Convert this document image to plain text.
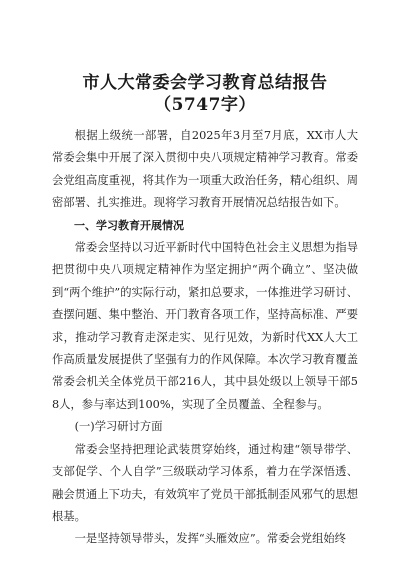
市人大常委会学习教育总结报告（5747字）

根据上级统一部署，自2025年3月至7月底，XX市人大常委会集中开展了深入贯彻中央八项规定精神学习教育。常委会党组高度重视，将其作为一项重大政治任务，精心组织、周密部署、扎实推进。现将学习教育开展情况总结报告如下。

一、学习教育开展情况

常委会坚持以习近平新时代中国特色社会主义思想为指导把贯彻中央八项规定精神作为坚定拥护“两个确立”、坚决做到“两个维护”的实际行动，紧扣总要求，一体推进学习研讨、查摆问题、集中整治、开门教育各项工作，坚持高标准、严要求，推动学习教育走深走实、见行见效，为新时代XX人大工作高质量发展提供了坚强有力的作风保障。本次学习教育覆盖常委会机关全体党员干部216人，其中县处级以上领导干部58人，参与率达到100%，实现了全员覆盖、全程参与。

(一)学习研讨方面

常委会坚持把理论武装贯穿始终，通过构建“领导带学、支部促学、个人自学”三级联动学习体系，着力在学深悟透、融会贯通上下功夫，有效筑牢了党员干部抵制歪风邪气的思想根基。

一是坚持领导带头，发挥“头雁效应”。常委会党组始终
